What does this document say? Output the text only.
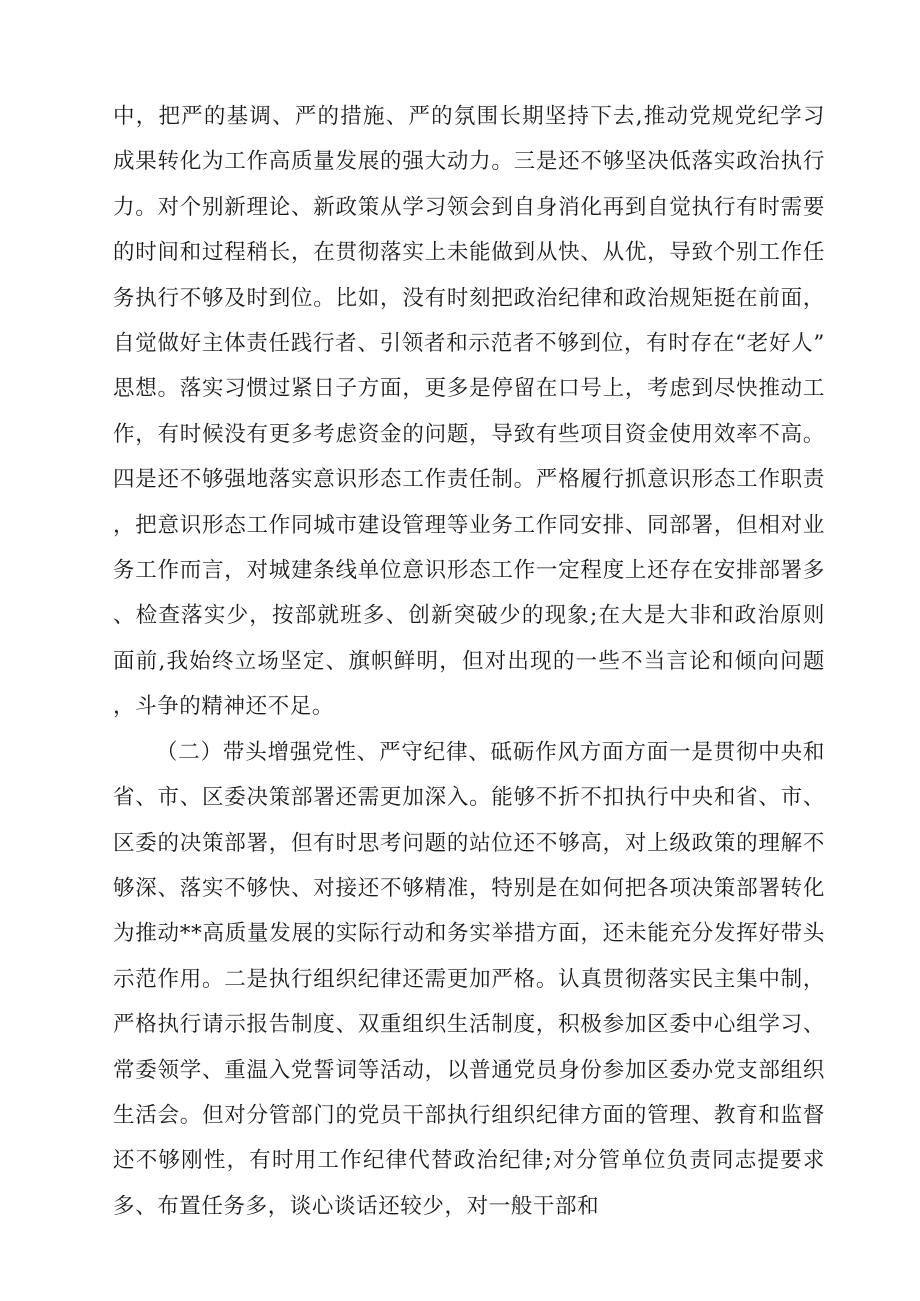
中，把严的基调、严的措施、严的氛围长期坚持下去,推动党规党纪学习成果转化为工作高质量发展的强大动力。三是还不够坚决低落实政治执行力。对个别新理论、新政策从学习领会到自身消化再到自觉执行有时需要的时间和过程稍长，在贯彻落实上未能做到从快、从优，导致个别工作任务执行不够及时到位。比如，没有时刻把政治纪律和政治规矩挺在前面，自觉做好主体责任践行者、引领者和示范者不够到位，有时存在“老好人”思想。落实习惯过紧日子方面，更多是停留在口号上，考虑到尽快推动工作，有时候没有更多考虑资金的问题，导致有些项目资金使用效率不高。四是还不够强地落实意识形态工作责任制。严格履行抓意识形态工作职责，把意识形态工作同城市建设管理等业务工作同安排、同部署，但相对业务工作而言，对城建条线单位意识形态工作一定程度上还存在安排部署多、检查落实少，按部就班多、创新突破少的现象;在大是大非和政治原则面前,我始终立场坚定、旗帜鲜明，但对出现的一些不当言论和倾向问题，斗争的精神还不足。

（二）带头增强党性、严守纪律、砥砺作风方面方面一是贯彻中央和省、市、区委决策部署还需更加深入。能够不折不扣执行中央和省、市、区委的决策部署，但有时思考问题的站位还不够高，对上级政策的理解不够深、落实不够快、对接还不够精准，特别是在如何把各项决策部署转化为推动**高质量发展的实际行动和务实举措方面，还未能充分发挥好带头示范作用。二是执行组织纪律还需更加严格。认真贯彻落实民主集中制，严格执行请示报告制度、双重组织生活制度，积极参加区委中心组学习、常委领学、重温入党誓词等活动，以普通党员身份参加区委办党支部组织生活会。但对分管部门的党员干部执行组织纪律方面的管理、教育和监督还不够刚性，有时用工作纪律代替政治纪律;对分管单位负责同志提要求多、布置任务多，谈心谈话还较少，对一般干部和
